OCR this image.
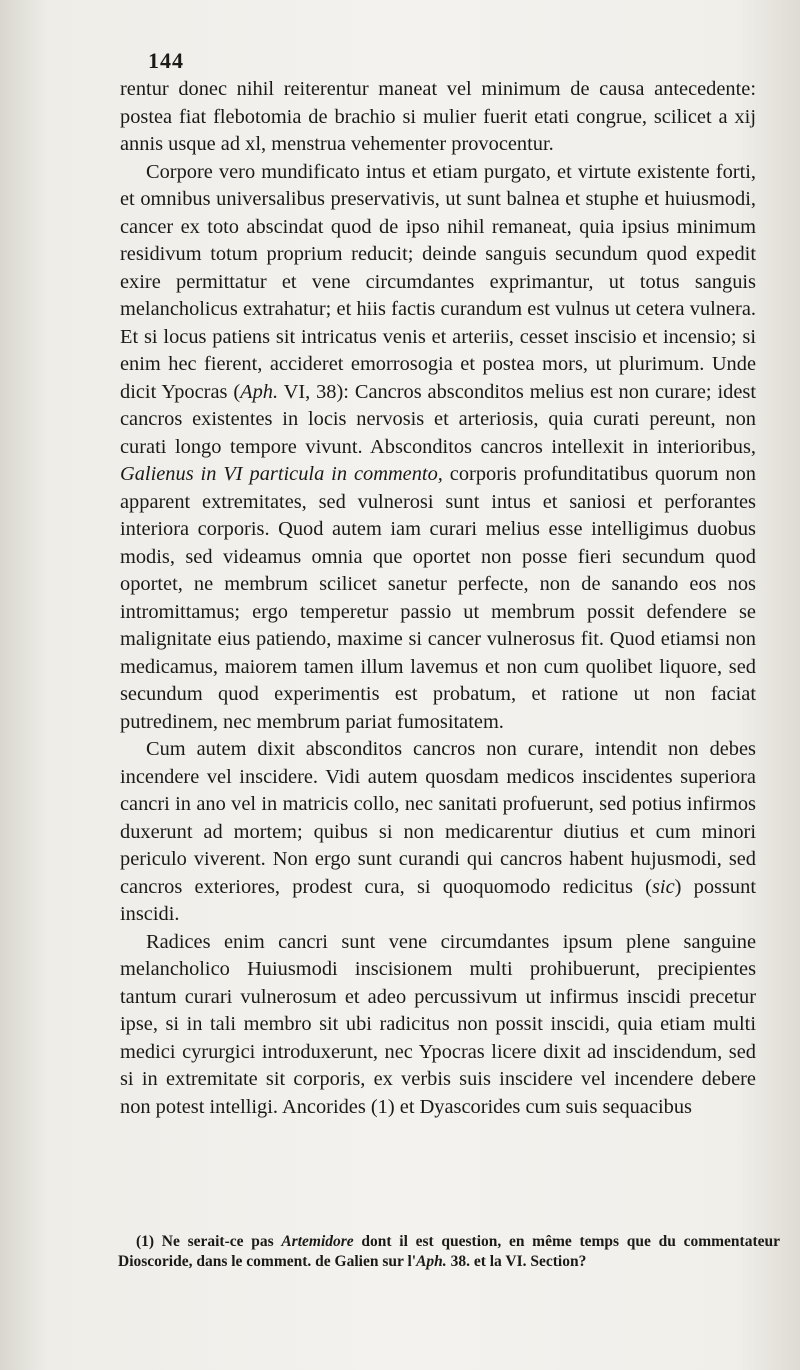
144

rentur donec nihil reiterentur maneat vel minimum de causa antecedente: postea fiat flebotomia de brachio si mulier fuerit etati congrue, scilicet a xij annis usque ad xl, menstrua vehementer provocentur.

Corpore vero mundificato intus et etiam purgato, et virtute existente forti, et omnibus universalibus preservativis, ut sunt balnea et stuphe et huiusmodi, cancer ex toto abscindat quod de ipso nihil remaneat, quia ipsius minimum residivum totum proprium reducit; deinde sanguis secundum quod expedit exire permittatur et vene circumdantes exprimantur, ut totus sanguis melancholicus extrahatur; et hiis factis curandum est vulnus ut cetera vulnera. Et si locus patiens sit intricatus venis et arteriis, cesset inscisio et incensio; si enim hec fierent, accideret emorrosogia et postea mors, ut plurimum. Unde dicit Ypocras (Aph. VI, 38): Cancros absconditos melius est non curare; idest cancros existentes in locis nervosis et arteriosis, quia curati pereunt, non curati longo tempore vivunt. Absconditos cancros intellexit in interioribus, Galienus in VI particula in commento, corporis profunditatibus quorum non apparent extremitates, sed vulnerosi sunt intus et saniosi et perforantes interiora corporis. Quod autem iam curari melius esse intelligimus duobus modis, sed videamus omnia que oportet non posse fieri secundum quod oportet, ne membrum scilicet sanetur perfecte, non de sanando eos nos intromittamus; ergo temperetur passio ut membrum possit defendere se malignitate eius patiendo, maxime si cancer vulnerosus fit. Quod etiamsi non medicamus, maiorem tamen illum lavemus et non cum quolibet liquore, sed secundum quod experimentis est probatum, et ratione ut non faciat putredinem, nec membrum pariat fumositatem.

Cum autem dixit absconditos cancros non curare, intendit non debes incendere vel inscidere. Vidi autem quosdam medicos inscidentes superiora cancri in ano vel in matricis collo, nec sanitati profuerunt, sed potius infirmos duxerunt ad mortem; quibus si non medicarentur diutius et cum minori periculo viverent. Non ergo sunt curandi qui cancros habent hujusmodi, sed cancros exteriores, prodest cura, si quoquomodo redicitus (sic) possunt inscidi.

Radices enim cancri sunt vene circumdantes ipsum plene sanguine melancholico Huiusmodi inscisionem multi prohibuerunt, precipientes tantum curari vulnerosum et adeo percussivum ut infirmus inscidi precetur ipse, si in tali membro sit ubi radicitus non possit inscidi, quia etiam multi medici cyrurgici introduxerunt, nec Ypocras licere dixit ad inscidendum, sed si in extremitate sit corporis, ex verbis suis inscidere vel incendere debere non potest intelligi. Ancorides (1) et Dyascorides cum suis sequacibus

(1) Ne serait-ce pas Artemidore dont il est question, en même temps que du commentateur Dioscoride, dans le comment. de Galien sur l'Aph. 38. et la VI. Section?
